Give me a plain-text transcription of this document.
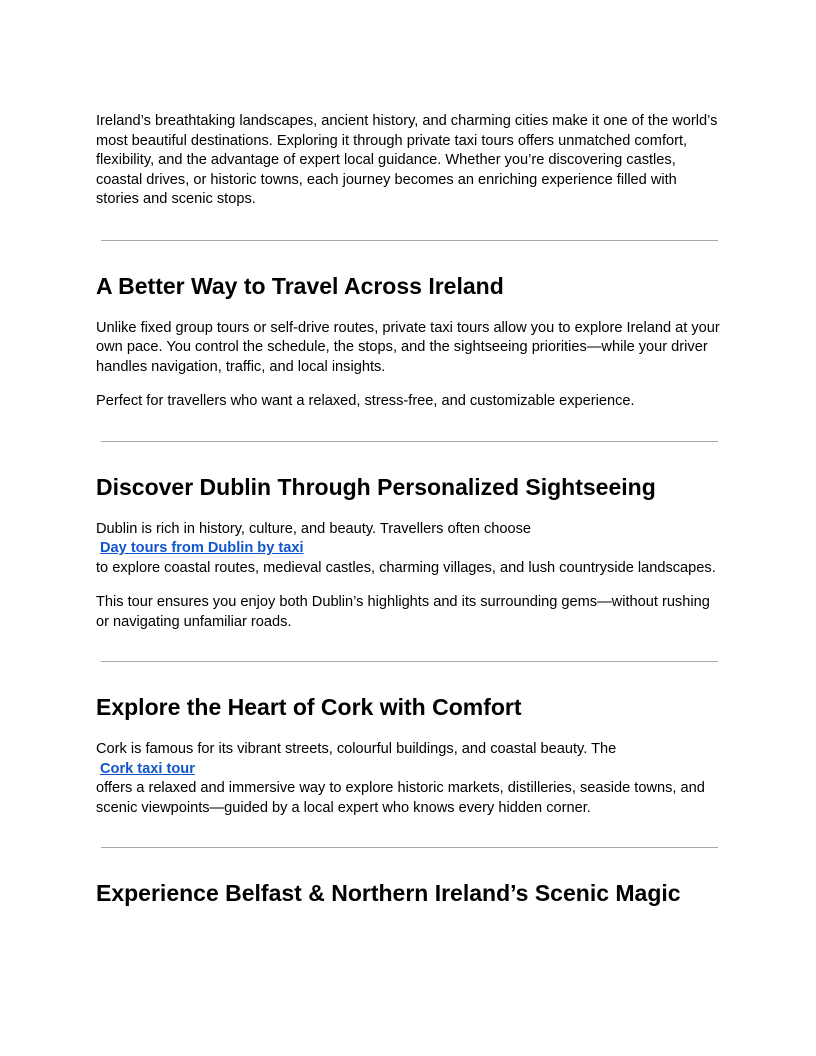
Ireland’s breathtaking landscapes, ancient history, and charming cities make it one of the world’s most beautiful destinations. Exploring it through private taxi tours offers unmatched comfort, flexibility, and the advantage of expert local guidance. Whether you’re discovering castles, coastal drives, or historic towns, each journey becomes an enriching experience filled with stories and scenic stops.

A Better Way to Travel Across Ireland

Unlike fixed group tours or self-drive routes, private taxi tours allow you to explore Ireland at your own pace. You control the schedule, the stops, and the sightseeing priorities—while your driver handles navigation, traffic, and local insights.

Perfect for travellers who want a relaxed, stress-free, and customizable experience.

Discover Dublin Through Personalized Sightseeing

Dublin is rich in history, culture, and beauty. Travellers often choose
Day tours from Dublin by taxi
to explore coastal routes, medieval castles, charming villages, and lush countryside landscapes.

This tour ensures you enjoy both Dublin’s highlights and its surrounding gems—without rushing or navigating unfamiliar roads.

Explore the Heart of Cork with Comfort

Cork is famous for its vibrant streets, colourful buildings, and coastal beauty. The
Cork taxi tour
offers a relaxed and immersive way to explore historic markets, distilleries, seaside towns, and scenic viewpoints—guided by a local expert who knows every hidden corner.

Experience Belfast & Northern Ireland’s Scenic Magic
